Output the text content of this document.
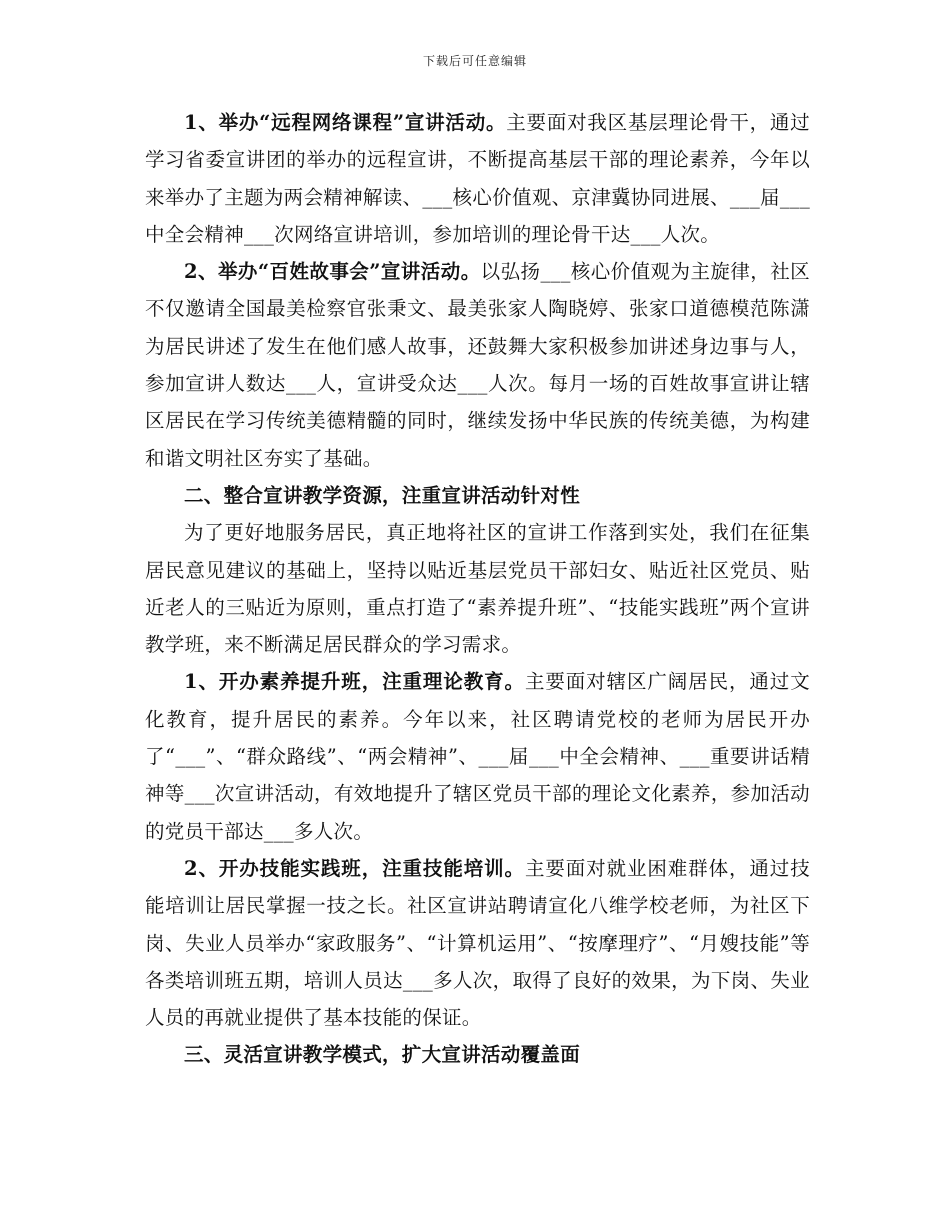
下载后可任意编辑

1、举办“远程网络课程”宣讲活动。主要面对我区基层理论骨干，通过学习省委宣讲团的举办的远程宣讲，不断提高基层干部的理论素养，今年以来举办了主题为两会精神解读、___核心价值观、京津冀协同进展、___届___中全会精神___次网络宣讲培训，参加培训的理论骨干达___人次。

2、举办“百姓故事会”宣讲活动。以弘扬___核心价值观为主旋律，社区不仅邀请全国最美检察官张秉文、最美张家人陶晓婷、张家口道德模范陈潇为居民讲述了发生在他们感人故事，还鼓舞大家积极参加讲述身边事与人，参加宣讲人数达___人，宣讲受众达___人次。每月一场的百姓故事宣讲让辖区居民在学习传统美德精髓的同时，继续发扬中华民族的传统美德，为构建和谐文明社区夯实了基础。

二、整合宣讲教学资源，注重宣讲活动针对性

为了更好地服务居民，真正地将社区的宣讲工作落到实处，我们在征集居民意见建议的基础上，坚持以贴近基层党员干部妇女、贴近社区党员、贴近老人的三贴近为原则，重点打造了“素养提升班”、“技能实践班”两个宣讲教学班，来不断满足居民群众的学习需求。

1、开办素养提升班，注重理论教育。主要面对辖区广阔居民，通过文化教育，提升居民的素养。今年以来，社区聘请党校的老师为居民开办了“___”、“群众路线”、“两会精神”、___届___中全会精神、___重要讲话精神等___次宣讲活动，有效地提升了辖区党员干部的理论文化素养，参加活动的党员干部达___多人次。

2、开办技能实践班，注重技能培训。主要面对就业困难群体，通过技能培训让居民掌握一技之长。社区宣讲站聘请宣化八维学校老师，为社区下岗、失业人员举办“家政服务”、“计算机运用”、“按摩理疗”、“月嫂技能”等各类培训班五期，培训人员达___多人次，取得了良好的效果，为下岗、失业人员的再就业提供了基本技能的保证。

三、灵活宣讲教学模式，扩大宣讲活动覆盖面
